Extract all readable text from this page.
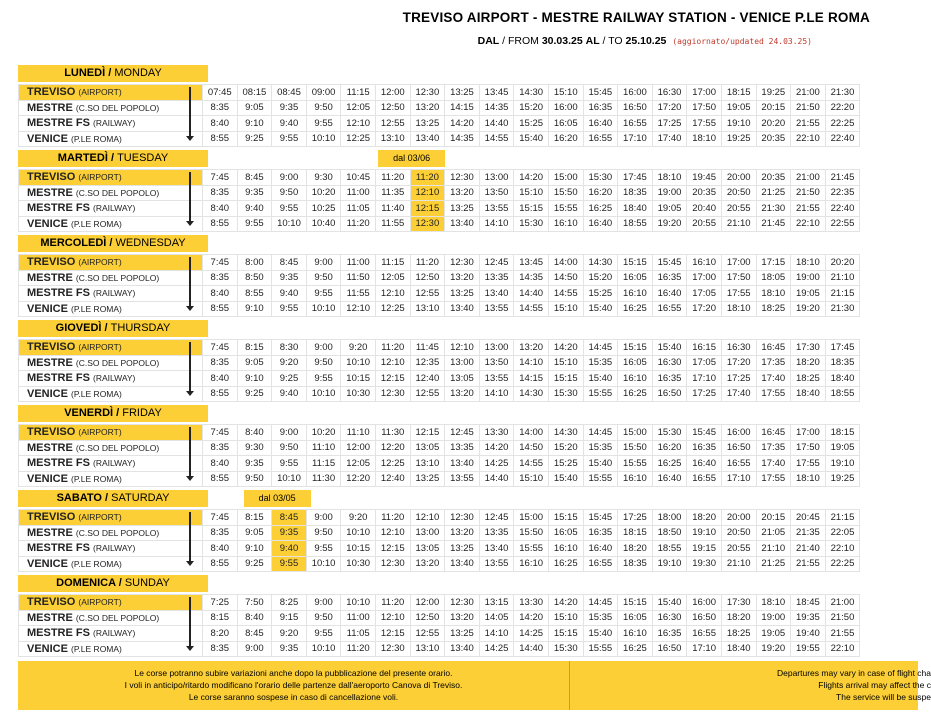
TREVISO AIRPORT - MESTRE RAILWAY STATION - VENICE P.LE ROMA
DAL / FROM 30.03.25 AL / TO 25.10.25 (aggiornato/updated 24.03.25)
LUNEDÌ / MONDAY
TREVISO (AIRPORT)	07:45	08:15	08:45	09:00	11:15	12:00	12:30	13:25	13:45	14:30	15:10	15:45	16:00	16:30	17:00	18:15	19:25	21:00	21:30
MESTRE (C.SO DEL POPOLO)	8:35	9:05	9:35	9:50	12:05	12:50	13:20	14:15	14:35	15:20	16:00	16:35	16:50	17:20	17:50	19:05	20:15	21:50	22:20
MESTRE FS (RAILWAY)	8:40	9:10	9:40	9:55	12:10	12:55	13:25	14:20	14:40	15:25	16:05	16:40	16:55	17:25	17:55	19:10	20:20	21:55	22:25
VENICE (P.LE ROMA)	8:55	9:25	9:55	10:10	12:25	13:10	13:40	14:35	14:55	15:40	16:20	16:55	17:10	17:40	18:10	19:25	20:35	22:10	22:40
MARTEDÌ / TUESDAY	dal 03/06
TREVISO (AIRPORT)	7:45	8:45	9:00	9:30	10:45	11:20	11:20	12:30	13:00	14:20	15:00	15:30	17:45	18:10	19:45	20:00	20:35	21:00	21:45
MESTRE (C.SO DEL POPOLO)	8:35	9:35	9:50	10:20	11:00	11:35	12:10	13:20	13:50	15:10	15:50	16:20	18:35	19:00	20:35	20:50	21:25	21:50	22:35
MESTRE FS (RAILWAY)	8:40	9:40	9:55	10:25	11:05	11:40	12:15	13:25	13:55	15:15	15:55	16:25	18:40	19:05	20:40	20:55	21:30	21:55	22:40
VENICE (P.LE ROMA)	8:55	9:55	10:10	10:40	11:20	11:55	12:30	13:40	14:10	15:30	16:10	16:40	18:55	19:20	20:55	21:10	21:45	22:10	22:55
MERCOLEDÌ / WEDNESDAY
TREVISO (AIRPORT)	7:45	8:00	8:45	9:00	11:00	11:15	11:20	12:30	12:45	13:45	14:00	14:30	15:15	15:45	16:10	17:00	17:15	18:10	20:20
MESTRE (C.SO DEL POPOLO)	8:35	8:50	9:35	9:50	11:50	12:05	12:50	13:20	13:35	14:35	14:50	15:20	16:05	16:35	17:00	17:50	18:05	19:00	21:10
MESTRE FS (RAILWAY)	8:40	8:55	9:40	9:55	11:55	12:10	12:55	13:25	13:40	14:40	14:55	15:25	16:10	16:40	17:05	17:55	18:10	19:05	21:15
VENICE (P.LE ROMA)	8:55	9:10	9:55	10:10	12:10	12:25	13:10	13:40	13:55	14:55	15:10	15:40	16:25	16:55	17:20	18:10	18:25	19:20	21:30
GIOVEDÌ / THURSDAY
TREVISO (AIRPORT)	7:45	8:15	8:30	9:00	9:20	11:20	11:45	12:10	13:00	13:20	14:20	14:45	15:15	15:40	16:15	16:30	16:45	17:30	17:45
MESTRE (C.SO DEL POPOLO)	8:35	9:05	9:20	9:50	10:10	12:10	12:35	13:00	13:50	14:10	15:10	15:35	16:05	16:30	17:05	17:20	17:35	18:20	18:35
MESTRE FS (RAILWAY)	8:40	9:10	9:25	9:55	10:15	12:15	12:40	13:05	13:55	14:15	15:15	15:40	16:10	16:35	17:10	17:25	17:40	18:25	18:40
VENICE (P.LE ROMA)	8:55	9:25	9:40	10:10	10:30	12:30	12:55	13:20	14:10	14:30	15:30	15:55	16:25	16:50	17:25	17:40	17:55	18:40	18:55
VENERDÌ / FRIDAY
TREVISO (AIRPORT)	7:45	8:40	9:00	10:20	11:10	11:30	12:15	12:45	13:30	14:00	14:30	14:45	15:00	15:30	15:45	16:00	16:45	17:00	18:15
MESTRE (C.SO DEL POPOLO)	8:35	9:30	9:50	11:10	12:00	12:20	13:05	13:35	14:20	14:50	15:20	15:35	15:50	16:20	16:35	16:50	17:35	17:50	19:05
MESTRE FS (RAILWAY)	8:40	9:35	9:55	11:15	12:05	12:25	13:10	13:40	14:25	14:55	15:25	15:40	15:55	16:25	16:40	16:55	17:40	17:55	19:10
VENICE (P.LE ROMA)	8:55	9:50	10:10	11:30	12:20	12:40	13:25	13:55	14:40	15:10	15:40	15:55	16:10	16:40	16:55	17:10	17:55	18:10	19:25
SABATO / SATURDAY	dal 03/05
TREVISO (AIRPORT)	7:45	8:15	8:45	9:00	9:20	11:20	12:10	12:30	12:45	15:00	15:15	15:45	17:25	18:00	18:20	20:00	20:15	20:45	21:15
MESTRE (C.SO DEL POPOLO)	8:35	9:05	9:35	9:50	10:10	12:10	13:00	13:20	13:35	15:50	16:05	16:35	18:15	18:50	19:10	20:50	21:05	21:35	22:05
MESTRE FS (RAILWAY)	8:40	9:10	9:40	9:55	10:15	12:15	13:05	13:25	13:40	15:55	16:10	16:40	18:20	18:55	19:15	20:55	21:10	21:40	22:10
VENICE (P.LE ROMA)	8:55	9:25	9:55	10:10	10:30	12:30	13:20	13:40	13:55	16:10	16:25	16:55	18:35	19:10	19:30	21:10	21:25	21:55	22:25
DOMENICA / SUNDAY
TREVISO (AIRPORT)	7:25	7:50	8:25	9:00	10:10	11:20	12:00	12:30	13:15	13:30	14:20	14:45	15:15	15:40	16:00	17:30	18:10	18:45	21:00
MESTRE (C.SO DEL POPOLO)	8:15	8:40	9:15	9:50	11:00	12:10	12:50	13:20	14:05	14:20	15:10	15:35	16:05	16:30	16:50	18:20	19:00	19:35	21:50
MESTRE FS (RAILWAY)	8:20	8:45	9:20	9:55	11:05	12:15	12:55	13:25	14:10	14:25	15:15	15:40	16:10	16:35	16:55	18:25	19:05	19:40	21:55
VENICE (P.LE ROMA)	8:35	9:00	9:35	10:10	11:20	12:30	13:10	13:40	14:25	14:40	15:30	15:55	16:25	16:50	17:10	18:40	19:20	19:55	22:10
Le corse potranno subire variazioni anche dopo la pubblicazione del presente orario.
I voli in anticipo/ritardo modificano l'orario delle partenze dall'aeroporto Canova di Treviso.
Le corse saranno sospese in caso di cancellazione voli.
Departures may vary in case of flight cha
Flights arrival may affect the c
The service will be suspe
